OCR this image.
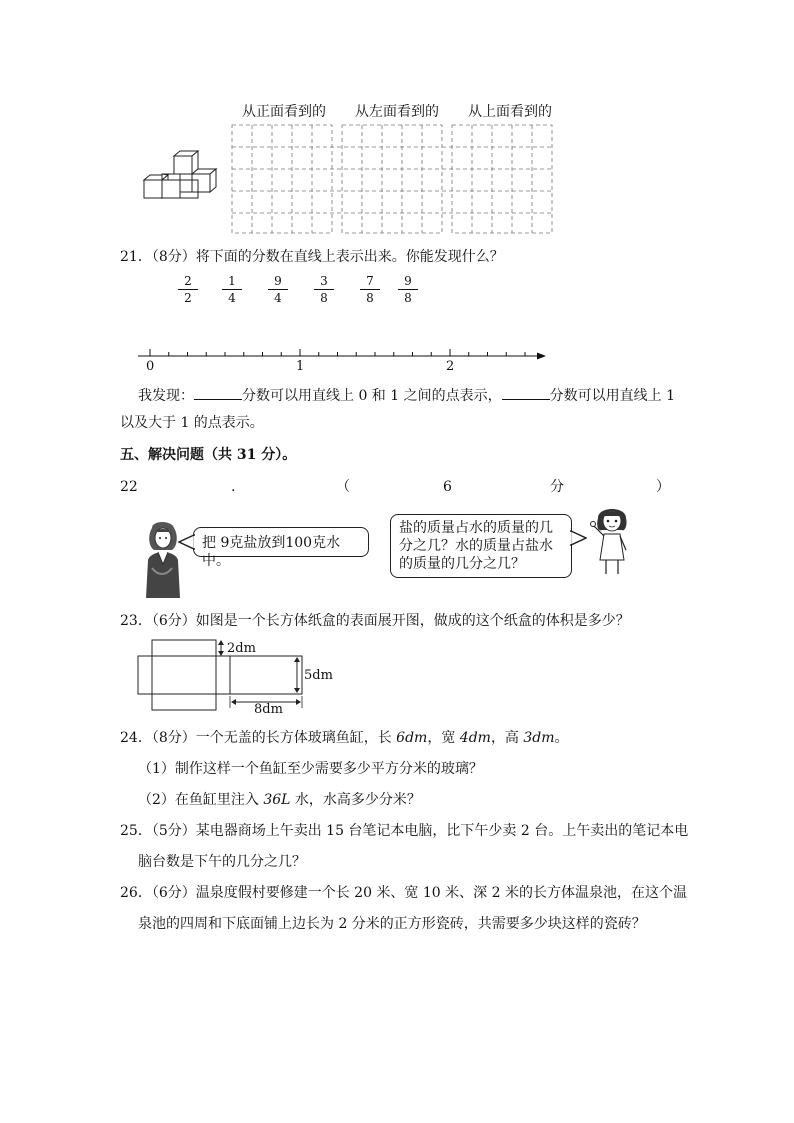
从正面看到的 从左面看到的 从上面看到的
21．（8分）将下面的分数在直线上表示出来。你能发现什么？
$\frac{2}{2} \frac{1}{4} \frac{9}{4} \frac{3}{8} \frac{7}{8} \frac{9}{8}$
0	1	2
我发现：	分数可以用直线上 0 和 1 之间的点表示，	分数可以用直线上 1
以及大于 1 的点表示。
五、解决问题（共 31 分）。
22	.	（	6	分	）
把 9克盐放到100克水中。
盐的质量占水的质量的几
分之几？水的质量占盐水
的质量的几分之几？
23．（6分）如图是一个长方体纸盒的表面展开图，做成的这个纸盒的体积是多少？
2dm
5dm
8dm
24．（8分）一个无盖的长方体玻璃鱼缸，长 6dm，宽 4dm，高 3dm。
（1）制作这样一个鱼缸至少需要多少平方分米的玻璃？
（2）在鱼缸里注入 36L 水，水高多少分米？
25．（5分）某电器商场上午卖出 15 台笔记本电脑，比下午少卖 2 台。上午卖出的笔记本电
脑台数是下午的几分之几？
26．（6分）温泉度假村要修建一个长 20 米、宽 10 米、深 2 米的长方体温泉池，在这个温
泉池的四周和下底面铺上边长为 2 分米的正方形瓷砖，共需要多少块这样的瓷砖？
